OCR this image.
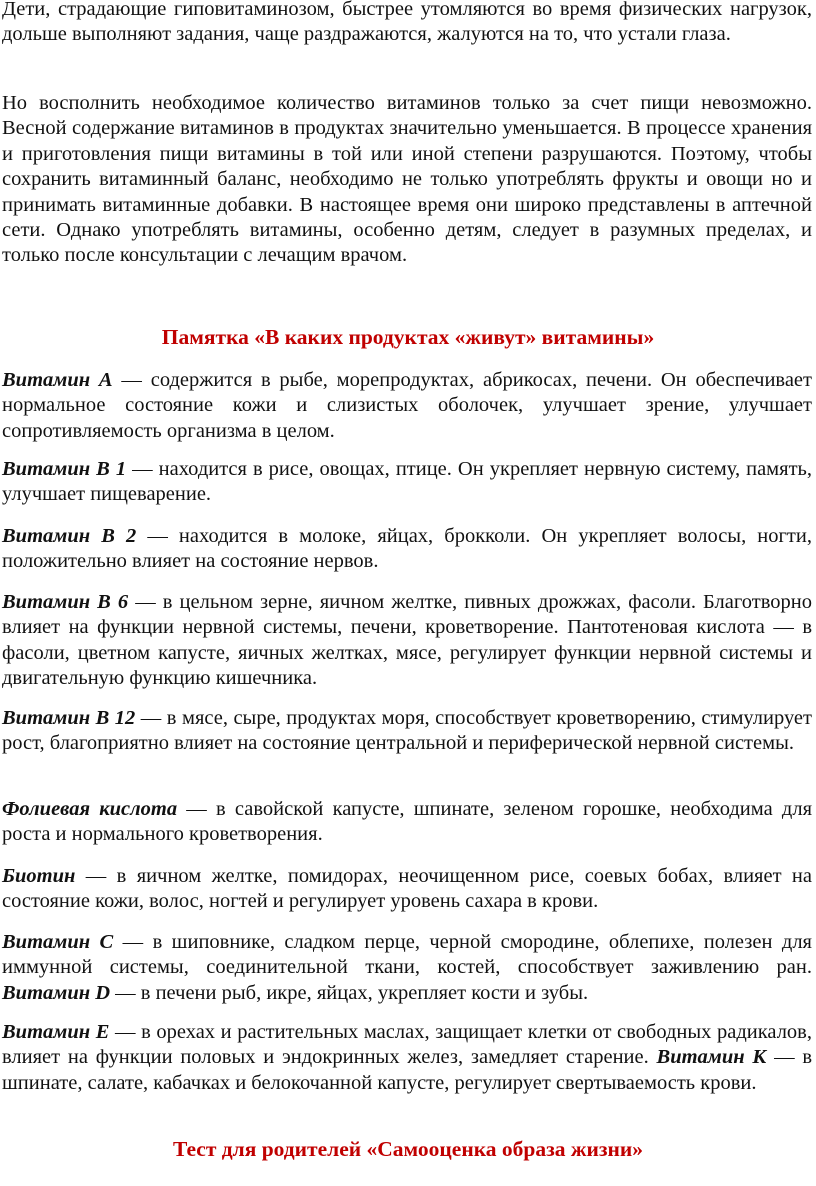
Дети, страдающие гиповитаминозом, быстрее утомляются во время физических нагрузок, дольше выполняют задания, чаще раздражаются, жалуются на то, что устали глаза.

Но восполнить необходимое количество витаминов только за счет пищи невозможно. Весной содержание витаминов в продуктах значительно уменьшается. В процессе хранения и приготовления пищи витамины в той или иной степени разрушаются. Поэтому, чтобы сохранить витаминный баланс, необходимо не только употреблять фрукты и овощи но и принимать витаминные добавки. В настоящее время они широко представлены в аптечной сети. Однако употреблять витамины, особенно детям, следует в разумных пределах, и только после консультации с лечащим врачом.

Памятка «В каких продуктах «живут» витамины»

Витамин А — содержится в рыбе, морепродуктах, абрикосах, печени. Он обеспечивает нормальное состояние кожи и слизистых оболочек, улучшает зрение, улучшает сопротивляемость организма в целом.

Витамин В 1 — находится в рисе, овощах, птице. Он укрепляет нервную систему, память, улучшает пищеварение.

Витамин В 2 — находится в молоке, яйцах, брокколи. Он укрепляет волосы, ногти, положительно влияет на состояние нервов.

Витамин В 6 — в цельном зерне, яичном желтке, пивных дрожжах, фасоли. Благотворно влияет на функции нервной системы, печени, кроветворение. Пантотеновая кислота — в фасоли, цветном капусте, яичных желтках, мясе, регулирует функции нервной системы и двигательную функцию кишечника.

Витамин В 12 — в мясе, сыре, продуктах моря, способствует кроветворению, стимулирует рост, благоприятно влияет на состояние центральной и периферической нервной системы.

Фолиевая кислота — в савойской капусте, шпинате, зеленом горошке, необходима для роста и нормального кроветворения.

Биотин — в яичном желтке, помидорах, неочищенном рисе, соевых бобах, влияет на состояние кожи, волос, ногтей и регулирует уровень сахара в крови.

Витамин С — в шиповнике, сладком перце, черной смородине, облепихе, полезен для иммунной системы, соединительной ткани, костей, способствует заживлению ран. Витамин D — в печени рыб, икре, яйцах, укрепляет кости и зубы.

Витамин Е — в орехах и растительных маслах, защищает клетки от свободных радикалов, влияет на функции половых и эндокринных желез, замедляет старение. Витамин К — в шпинате, салате, кабачках и белокочанной капусте, регулирует свертываемость крови.

Тест для родителей «Самооценка образа жизни»
